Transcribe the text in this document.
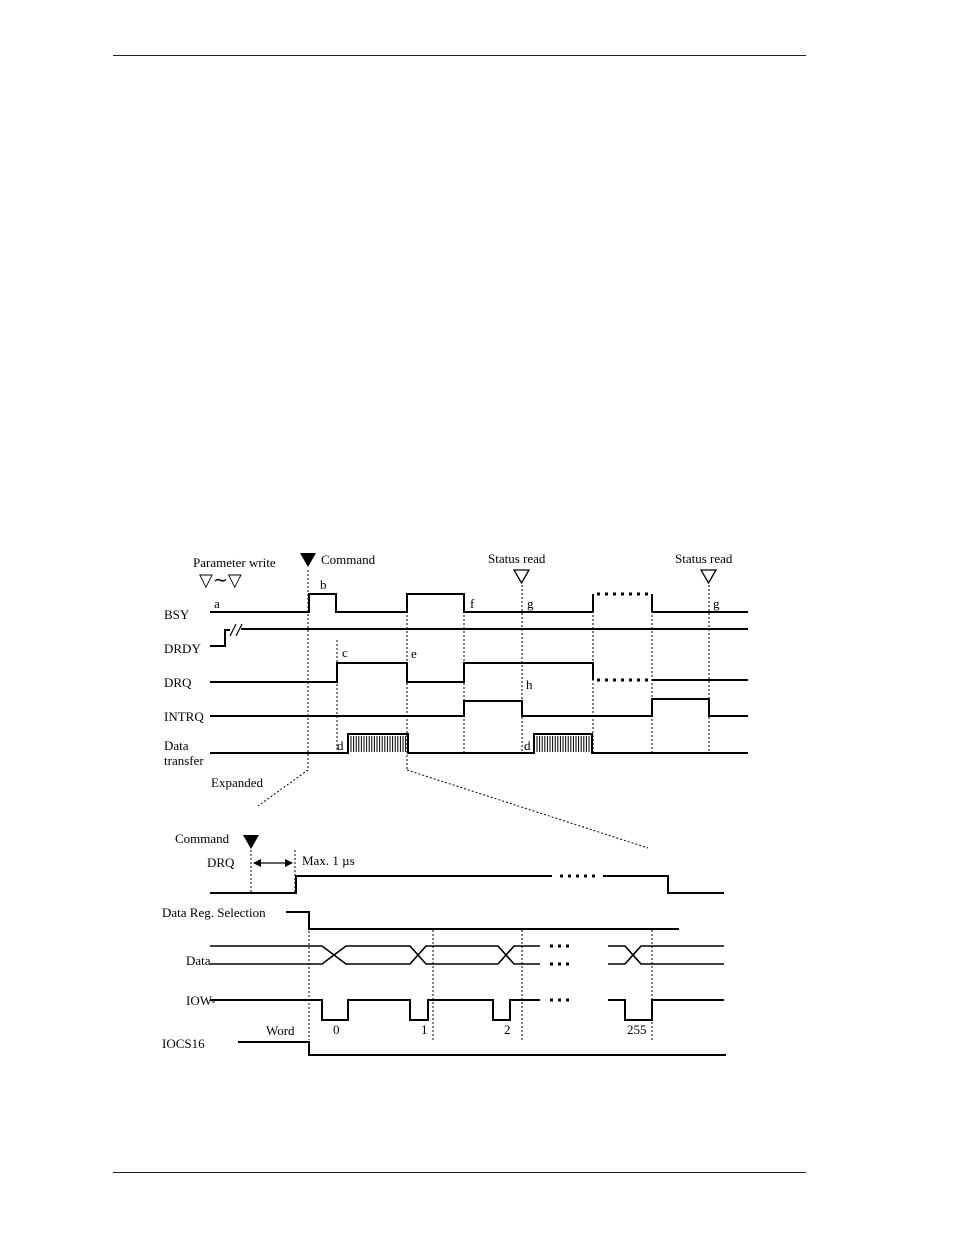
Parameter write
▽∼▽
Command	Status read	Status read
BSY
DRDY
DRQ
INTRQ
Data
transfer
a
b
c
d
e
f	g
h
d
g
Expanded
Command
DRQ	Max. 1 µs
Data Reg. Selection
Data
IOW-
0	1	2	255
IOCS16
Word
